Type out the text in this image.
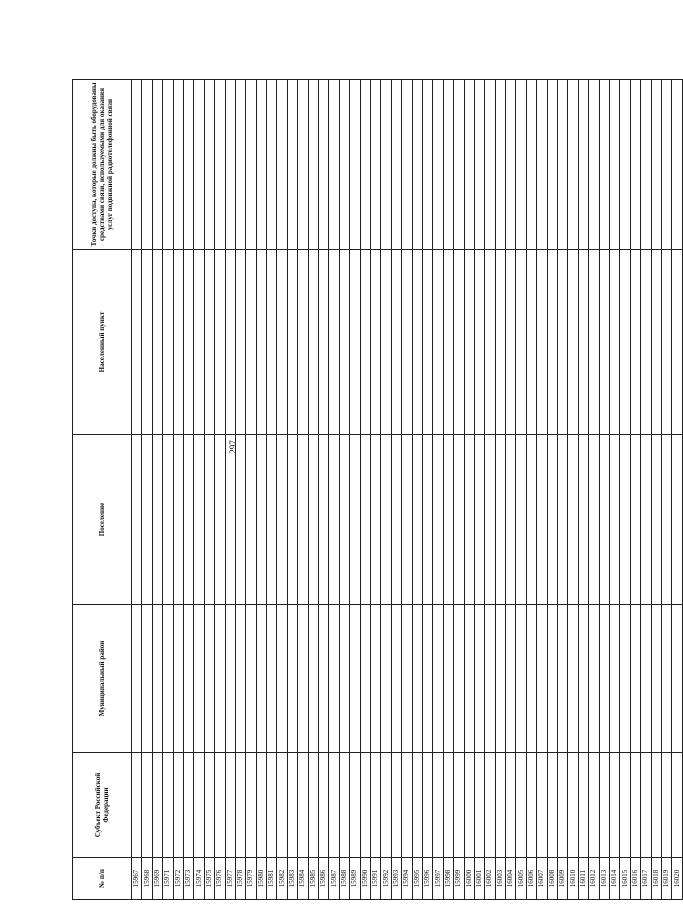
297
№ п/п	Субъект Российской Федерации	Муниципальный район	Поселение	Населенный пункт	Точки доступа, которые должны быть оборудованы средствами связи, используемыми для оказания услуг подвижной радиотелефонной связи
15967					
15968					
15969					
15971					
15972					
15973					
15974					
15975					
15976					
15977					
15978					
15979					
15980					
15981					
15982					
15983					
15984					
15985					
15986					
15987					
15988					
15989					
15990					
15991					
15992					
15993					
15994					
15995					
15996					
15997					
15998					
15999					
16000					
16001					
16002					
16003					
16004					
16005					
16006					
16007					
16008					
16009					
16010					
16011					
16012					
16013					
16014					
16015					
16016					
16017					
16018					
16019					
16020					
